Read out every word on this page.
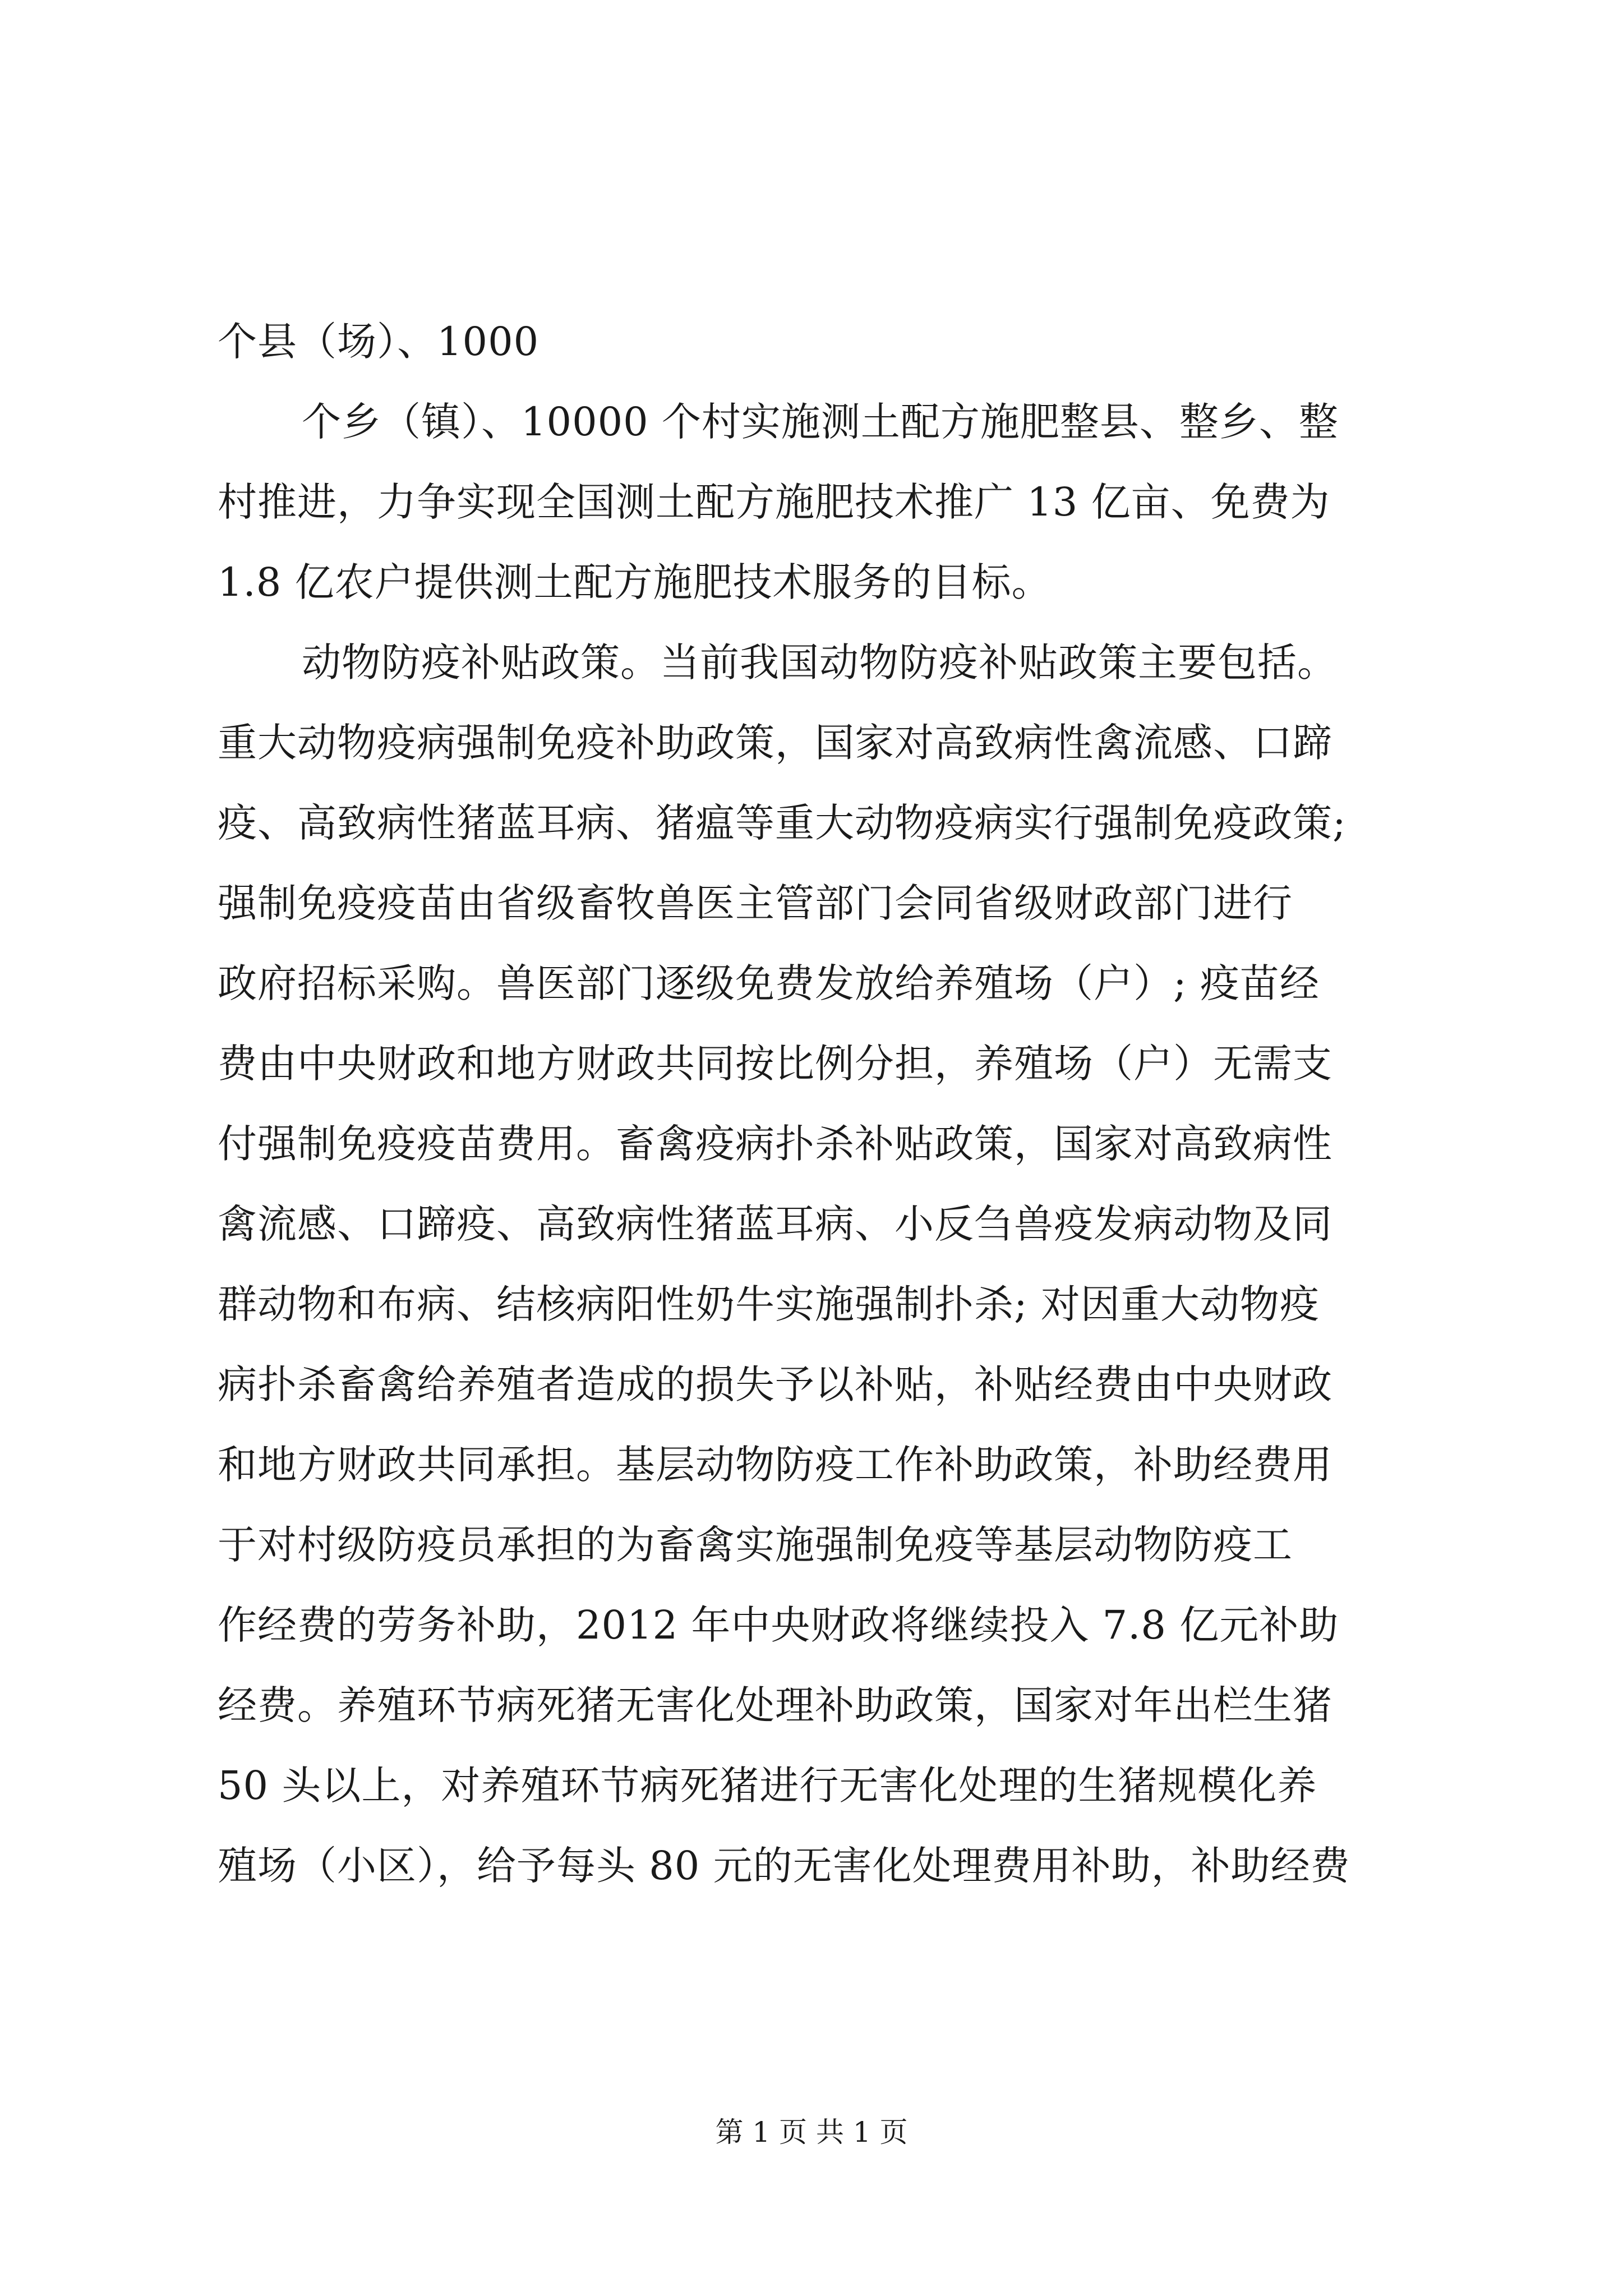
个县（场）、1000
个乡（镇）、10000 个村实施测土配方施肥整县、整乡、整
村推进，力争实现全国测土配方施肥技术推广 13 亿亩、免费为
1.8 亿农户提供测土配方施肥技术服务的目标。
动物防疫补贴政策。当前我国动物防疫补贴政策主要包括。
重大动物疫病强制免疫补助政策，国家对高致病性禽流感、口蹄
疫、高致病性猪蓝耳病、猪瘟等重大动物疫病实行强制免疫政策;
强制免疫疫苗由省级畜牧兽医主管部门会同省级财政部门进行
政府招标采购。兽医部门逐级免费发放给养殖场（户）; 疫苗经
费由中央财政和地方财政共同按比例分担，养殖场（户）无需支
付强制免疫疫苗费用。畜禽疫病扑杀补贴政策，国家对高致病性
禽流感、口蹄疫、高致病性猪蓝耳病、小反刍兽疫发病动物及同
群动物和布病、结核病阳性奶牛实施强制扑杀; 对因重大动物疫
病扑杀畜禽给养殖者造成的损失予以补贴，补贴经费由中央财政
和地方财政共同承担。基层动物防疫工作补助政策，补助经费用
于对村级防疫员承担的为畜禽实施强制免疫等基层动物防疫工
作经费的劳务补助，2012 年中央财政将继续投入 7.8 亿元补助
经费。养殖环节病死猪无害化处理补助政策，国家对年出栏生猪
50 头以上，对养殖环节病死猪进行无害化处理的生猪规模化养
殖场（小区），给予每头 80 元的无害化处理费用补助，补助经费
第 1 页 共 1 页
